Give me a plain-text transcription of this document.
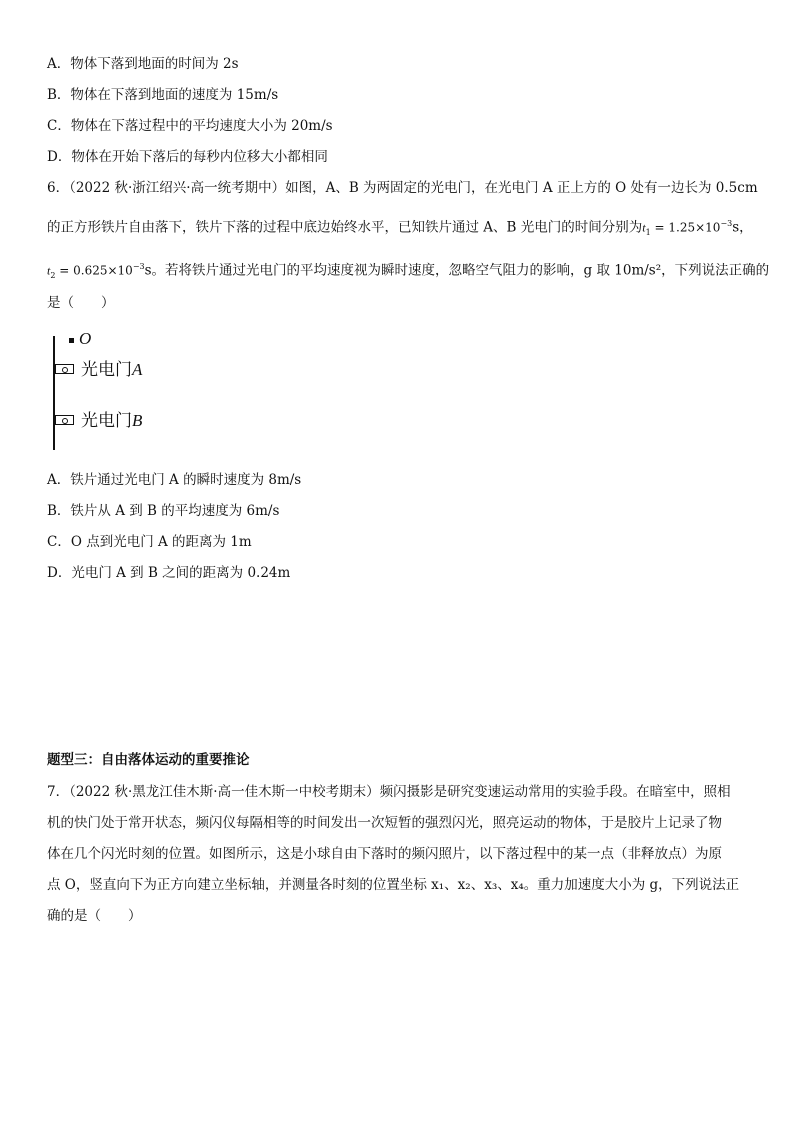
A．物体下落到地面的时间为 2s
B．物体在下落到地面的速度为 15m/s
C．物体在下落过程中的平均速度大小为 20m/s
D．物体在开始下落后的每秒内位移大小都相同
6．（2022 秋·浙江绍兴·高一统考期中）如图，A、B 为两固定的光电门，在光电门 A 正上方的 O 处有一边长为 0.5cm
的正方形铁片自由落下，铁片下落的过程中底边始终水平，已知铁片通过 A、B 光电门的时间分别为$t_1 = 1.25\times 10^{-3}s$，
$t_2 = 0.625\times 10^{-3}s$。若将铁片通过光电门的平均速度视为瞬时速度，忽略空气阻力的影响，g 取 10m/s²，下列说法正确的
是（　　）
O
光电门A
光电门B
A．铁片通过光电门 A 的瞬时速度为 8m/s
B．铁片从 A 到 B 的平均速度为 6m/s
C．O 点到光电门 A 的距离为 1m
D．光电门 A 到 B 之间的距离为 0.24m
题型三：自由落体运动的重要推论
7．（2022 秋·黑龙江佳木斯·高一佳木斯一中校考期末）频闪摄影是研究变速运动常用的实验手段。在暗室中，照相
机的快门处于常开状态，频闪仪每隔相等的时间发出一次短暂的强烈闪光，照亮运动的物体，于是胶片上记录了物
体在几个闪光时刻的位置。如图所示，这是小球自由下落时的频闪照片，以下落过程中的某一点（非释放点）为原
点 O，竖直向下为正方向建立坐标轴，并测量各时刻的位置坐标 x₁、x₂、x₃、x₄。重力加速度大小为 g，下列说法正
确的是（　　）
